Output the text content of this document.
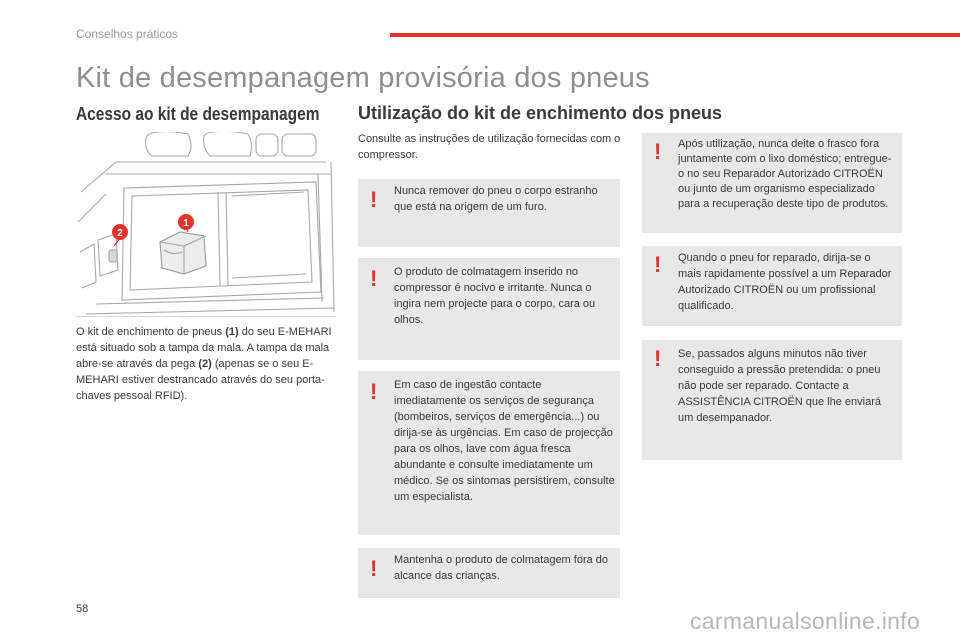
Conselhos práticos
Kit de desempanagem provisória dos pneus
Acesso ao kit de desempanagem Utilização do kit de enchimento dos pneus
1
2
O kit de enchimento de pneus (1) do seu E-MEHARI está situado sob a tampa da mala. A tampa da mala abre-se através da pega (2) (apenas se o seu E-MEHARI estiver destrancado através do seu porta-chaves pessoal RFID).
Consulte as instruções de utilização fornecidas com o compressor.
! Nunca remover do pneu o corpo estranho que está na origem de um furo.
! O produto de colmatagem inserido no compressor é nocivo e irritante. Nunca o ingira nem projecte para o corpo, cara ou olhos.
! Em caso de ingestão contacte imediatamente os serviços de segurança (bombeiros, serviços de emergência...) ou dirija-se às urgências. Em caso de projecção para os olhos, lave com água fresca abundante e consulte imediatamente um médico. Se os sintomas persistirem, consulte um especialista.
! Mantenha o produto de colmatagem fora do alcance das crianças.
! Após utilização, nunca deite o frasco fora juntamente com o lixo doméstico; entregue-o no seu Reparador Autorizado CITROËN ou junto de um organismo especializado para a recuperação deste tipo de produtos.
! Quando o pneu for reparado, dirija-se o mais rapidamente possível a um Reparador Autorizado CITROËN ou um profissional qualificado.
! Se, passados alguns minutos não tiver conseguido a pressão pretendida: o pneu não pode ser reparado. Contacte a ASSISTÊNCIA CITROËN que lhe enviará um desempanador.
58	carmanualsonline.info
